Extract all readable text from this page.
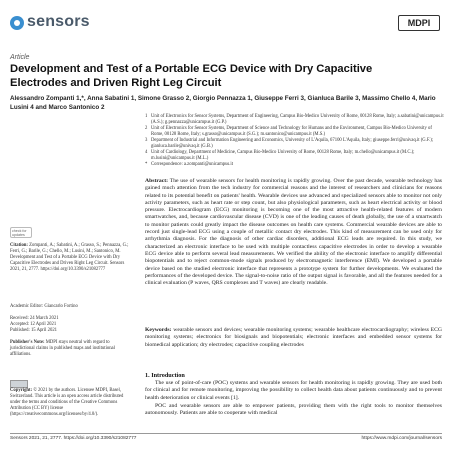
sensors	MDPI
Article
Development and Test of a Portable ECG Device with Dry Capacitive Electrodes and Driven Right Leg Circuit
Alessandro Zompanti 1,*, Anna Sabatini 1, Simone Grasso 2, Giorgio Pennazza 1, Giuseppe Ferri 3, Gianluca Barile 3, Massimo Chello 4, Mario Lusini 4 and Marco Santonico 2
1 Unit of Electronics for Sensor Systems, Department of Engineering, Campus Bio-Medico University of Rome, 00128 Rome, Italy; a.sabatini@unicampus.it (A.S.); g.pennazza@unicampus.it (G.P.)
2 Unit of Electronics for Sensor Systems, Department of Science and Technology for Humans and the Environment, Campus Bio-Medico University of Rome, 00128 Rome, Italy; s.grasso@unicampus.it (S.G.); m.santonico@unicampus.it (M.S.)
3 Department of Industrial and Information Engineering and Economics, University of L'Aquila, 67100 L'Aquila, Italy; giuseppe.ferri@univaq.it (G.F.); gianluca.barile@univaq.it (G.B.)
4 Unit of Cardiology, Department of Medicine, Campus Bio-Medico University of Rome, 00128 Rome, Italy; m.chello@unicampus.it (M.C.); m.lusini@unicampus.it (M.L.)
* Correspondence: a.zompanti@unicampus.it
check for updates
Citation: Zompanti, A.; Sabatini, A.; Grasso, S.; Pennazza, G.; Ferri, G.; Barile, G.; Chello, M.; Lusini, M.; Santonico, M. Development and Test of a Portable ECG Device with Dry Capacitive Electrodes and Driven Right Leg Circuit. Sensors 2021, 21, 2777. https://doi.org/10.3390/s21082777
Academic Editor: Giancarlo Fortino
Received: 24 March 2021
Accepted: 12 April 2021
Published: 15 April 2021
Publisher's Note: MDPI stays neutral with regard to jurisdictional claims in published maps and institutional affiliations.
Copyright: © 2021 by the authors. Licensee MDPI, Basel, Switzerland. This article is an open access article distributed under the terms and conditions of the Creative Commons Attribution (CC BY) license (https://creativecommons.org/licenses/by/4.0/).
Abstract: The use of wearable sensors for health monitoring is rapidly growing. Over the past decade, wearable technology has gained much attention from the tech industry for commercial reasons and the interest of researchers and clinicians for reasons related to its potential benefit on patients' health. Wearable devices use advanced and specialized sensors able to monitor not only activity parameters, such as heart rate or step count, but also physiological parameters, such as heart electrical activity or blood pressure. Electrocardiogram (ECG) monitoring is becoming one of the most attractive health-related features of modern smartwatches, and, because cardiovascular disease (CVD) is one of the leading causes of death globally, the use of a smartwatch to monitor patients could greatly impact the disease outcomes on health care systems. Commercial wearable devices are able to record just single-lead ECG using a couple of metallic contact dry electrodes. This kind of measurement can be used only for arrhythmia diagnosis. For the diagnosis of other cardiac disorders, additional ECG leads are required. In this study, we characterized an electronic interface to be used with multiple contactless capacitive electrodes in order to develop a wearable ECG device able to perform several lead measurements. We verified the ability of the electronic interface to amplify differential biopotentials and to reject common-mode signals produced by electromagnetic interference (EMI). We developed a portable device based on the studied electronic interface that represents a prototype system for further developments. We evaluated the performances of the developed device. The signal-to-noise ratio of the output signal is favorable, and all the features needed for a clinical evaluation (P waves, QRS complexes and T waves) are clearly readable.
Keywords: wearable sensors and devices; wearable monitoring systems; wearable healthcare electrocardiography; wireless ECG monitoring systems; electronics for biosignals and biopotentials; electronic interfaces and embedded sensor systems for biomedical application; dry electrodes; capacitive coupling electrodes
1. Introduction

The use of point-of-care (POC) systems and wearable sensors for health monitoring is rapidly growing. They are used both for clinical and for remote monitoring, improving the possibility to collect health data about patients continuously and to prevent health deterioration or clinical events [1].

POC and wearable sensors are able to empower patients, providing them with the right tools to monitor themselves autonomously. Patients are able to cooperate with medical

Sensors 2021, 21, 2777. https://doi.org/10.3390/s21082777	https://www.mdpi.com/journal/sensors
